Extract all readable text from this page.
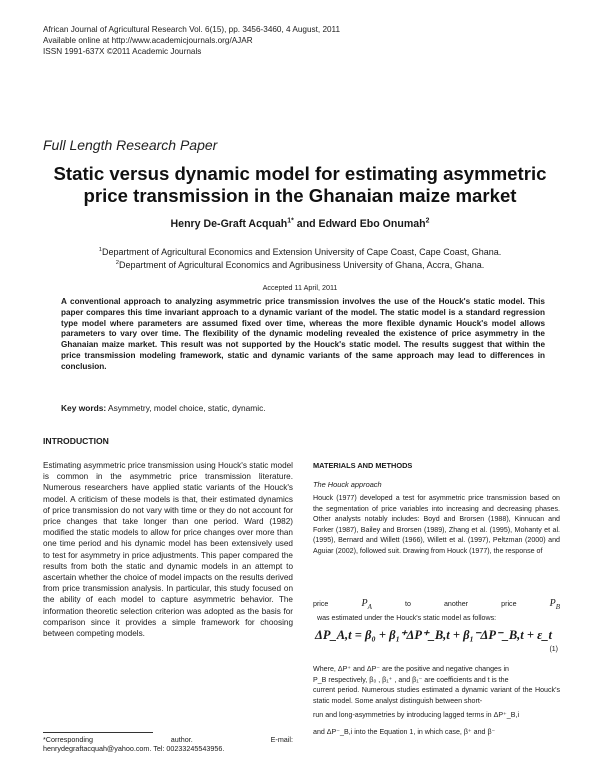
African Journal of Agricultural Research Vol. 6(15), pp. 3456-3460, 4 August, 2011
Available online at http://www.academicjournals.org/AJAR
ISSN 1991-637X ©2011 Academic Journals
Full Length Research Paper
Static versus dynamic model for estimating asymmetric price transmission in the Ghanaian maize market
Henry De-Graft Acquah$^{1*}$ and Edward Ebo Onumah$^2$
$^1$Department of Agricultural Economics and Extension University of Cape Coast, Cape Coast, Ghana.
$^2$Department of Agricultural Economics and Agribusiness University of Ghana, Accra, Ghana.
Accepted 11 April, 2011
A conventional approach to analyzing asymmetric price transmission involves the use of the Houck's static model. This paper compares this time invariant approach to a dynamic variant of the model. The static model is a standard regression type model where parameters are assumed fixed over time, whereas the more flexible dynamic Houck's model allows parameters to vary over time. The flexibility of the dynamic modeling revealed the existence of price asymmetry in the Ghanaian maize market. This result was not supported by the Houck's static model. The results suggest that within the price transmission modeling framework, static and dynamic variants of the same approach may lead to differences in conclusion.
Key words: Asymmetry, model choice, static, dynamic.
INTRODUCTION
Estimating asymmetric price transmission using Houck's static model is common in the asymmetric price transmission literature. Numerous researchers have applied static variants of the Houck's model. A criticism of these models is that, their estimated dynamics of price transmission do not vary with time or they do not account for price changes that take longer than one period. Ward (1982) modified the static models to allow for price changes over more than one time period and his dynamic model has been extensively used to test for asymmetry in price adjustments. This paper compared the results from both the static and dynamic models in an attempt to ascertain whether the choice of model impacts on the results derived from price transmission analysis. In particular, this study focused on the ability of each model to capture asymmetric behavior. The information theoretic selection criterion was adopted as the basis for comparison since it provides a simple framework for choosing between competing models.
*Corresponding	author.	E-mail:
henrydegraftacquah@yahoo.com. Tel: 00233245543956.
MATERIALS AND METHODS
The Houck approach
Houck (1977) developed a test for asymmetric price transmission based on the segmentation of price variables into increasing and decreasing phases. Other analysts notably includes: Boyd and Brorsen (1988), Kinnucan and Forker (1987), Bailey and Brorsen (1989), Zhang et al. (1995), Mohanty et al. (1995), Bernard and Willett (1966), Willett et al. (1997), Peltzman (2000) and Aguiar (2002), followed suit. Drawing from Houck (1977), the response of
price $P_A$ to another price $P_B$  was estimated under the Houck's static model as follows:
ΔP_A,t = β₀ + β₁⁺ΔP⁺_B,t + β₁⁻ΔP⁻_B,t + ε_t
(1)
Where, ΔP⁺ and ΔP⁻ are the positive and negative changes in
P_B respectively, β₀ , β₁⁺ , and β₁⁻ are coefficients and t is the
current period. Numerous studies estimated a dynamic variant of the Houck's static model. Some analyst distinguish between short-
run and long-asymmetries by introducing lagged terms in ΔP⁺_B,i
and ΔP⁻_B,i into the Equation 1, in which case, β⁺ and β⁻
